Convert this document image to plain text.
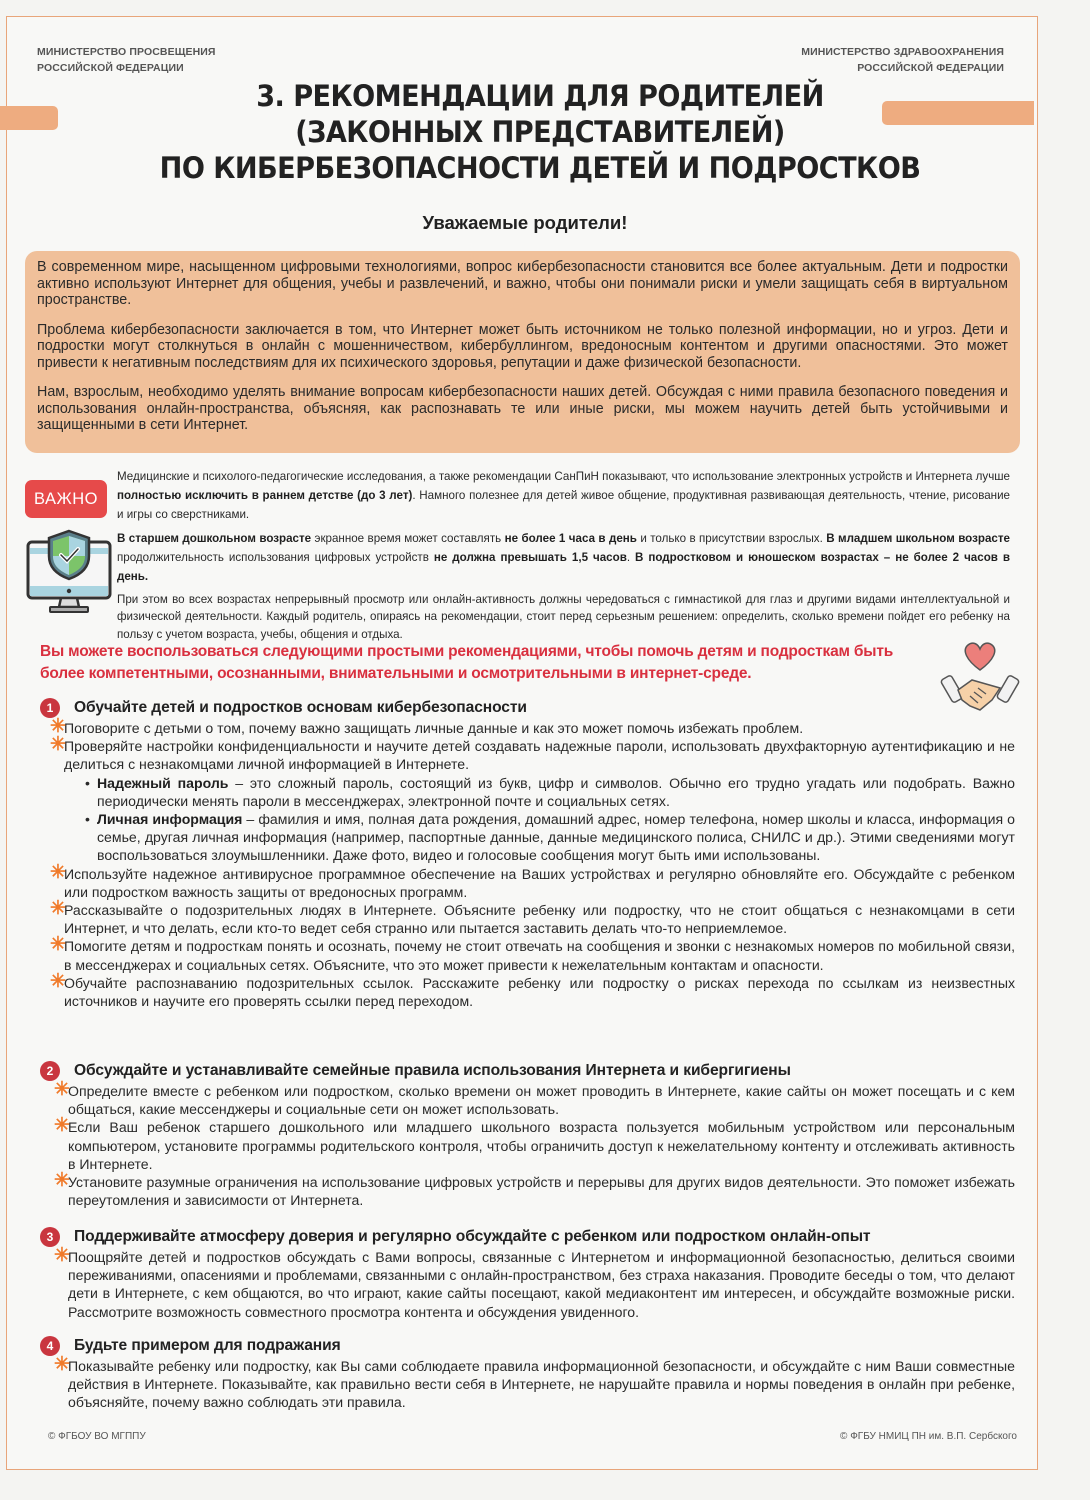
МИНИСТЕРСТВО ПРОСВЕЩЕНИЯ
РОССИЙСКОЙ ФЕДЕРАЦИИ
МИНИСТЕРСТВО ЗДРАВООХРАНЕНИЯ
РОССИЙСКОЙ ФЕДЕРАЦИИ
3. РЕКОМЕНДАЦИИ ДЛЯ РОДИТЕЛЕЙ
(ЗАКОННЫХ ПРЕДСТАВИТЕЛЕЙ)
ПО КИБЕРБЕЗОПАСНОСТИ ДЕТЕЙ И ПОДРОСТКОВ
Уважаемые родители!

В современном мире, насыщенном цифровыми технологиями, вопрос кибербезопасности становится все более актуальным. Дети и подростки активно используют Интернет для общения, учебы и развлечений, и важно, чтобы они понимали риски и умели защищать себя в виртуальном пространстве.

Проблема кибербезопасности заключается в том, что Интернет может быть источником не только полезной информации, но и угроз. Дети и подростки могут столкнуться в онлайн с мошенничеством, кибербуллингом, вредоносным контентом и другими опасностями. Это может привести к негативным последствиям для их психического здоровья, репутации и даже физической безопасности.

Нам, взрослым, необходимо уделять внимание вопросам кибербезопасности наших детей. Обсуждая с ними правила безопасного поведения и использования онлайн-пространства, объясняя, как распознавать те или иные риски, мы можем научить детей быть устойчивыми и защищенными в сети Интернет.

ВАЖНО

Медицинские и психолого-педагогические исследования, а также рекомендации СанПиН показывают, что использование электронных устройств и Интернета лучше полностью исключить в раннем детстве (до 3 лет). Намного полезнее для детей живое общение, продуктивная развивающая деятельность, чтение, рисование и игры со сверстниками.

В старшем дошкольном возрасте экранное время может составлять не более 1 часа в день и только в присутствии взрослых. В младшем школьном возрасте продолжительность использования цифровых устройств не должна превышать 1,5 часов. В подростковом и юношеском возрастах – не более 2 часов в день.

При этом во всех возрастах непрерывный просмотр или онлайн-активность должны чередоваться с гимнастикой для глаз и другими видами интеллектуальной и физической деятельности. Каждый родитель, опираясь на рекомендации, стоит перед серьезным решением: определить, сколько времени пойдет его ребенку на пользу с учетом возраста, учебы, общения и отдыха.

Вы можете воспользоваться следующими простыми рекомендациями, чтобы помочь детям и подросткам быть более компетентными, осознанными, внимательными и осмотрительными в интернет-среде.
1	Обучайте детей и подростков основам кибербезопасности
✳
Поговорите с детьми о том, почему важно защищать личные данные и как это может помочь избежать проблем.
✳
Проверяйте настройки конфиденциальности и научите детей создавать надежные пароли, использовать двухфакторную аутентификацию и не делиться с незнакомцами личной информацией в Интернете.
• Надежный пароль – это сложный пароль, состоящий из букв, цифр и символов. Обычно его трудно угадать или подобрать. Важно периодически менять пароли в мессенджерах, электронной почте и социальных сетях.
• Личная информация – фамилия и имя, полная дата рождения, домашний адрес, номер телефона, номер школы и класса, информация о семье, другая личная информация (например, паспортные данные, данные медицинского полиса, СНИЛС и др.). Этими сведениями могут воспользоваться злоумышленники. Даже фото, видео и голосовые сообщения могут быть ими использованы.
✳
Используйте надежное антивирусное программное обеспечение на Ваших устройствах и регулярно обновляйте его. Обсуждайте с ребенком или подростком важность защиты от вредоносных программ.
✳
Рассказывайте о подозрительных людях в Интернете. Объясните ребенку или подростку, что не стоит общаться с незнакомцами в сети Интернет, и что делать, если кто-то ведет себя странно или пытается заставить делать что-то неприемлемое.
✳
Помогите детям и подросткам понять и осознать, почему не стоит отвечать на сообщения и звонки с незнакомых номеров по мобильной связи, в мессенджерах и социальных сетях. Объясните, что это может привести к нежелательным контактам и опасности.
✳
Обучайте распознаванию подозрительных ссылок. Расскажите ребенку или подростку о рисках перехода по ссылкам из неизвестных источников и научите его проверять ссылки перед переходом.
2	Обсуждайте и устанавливайте семейные правила использования Интернета и кибергигиены
✳
Определите вместе с ребенком или подростком, сколько времени он может проводить в Интернете, какие сайты он может посещать и с кем общаться, какие мессенджеры и социальные сети он может использовать.
✳
Если Ваш ребенок старшего дошкольного или младшего школьного возраста пользуется мобильным устройством или персональным компьютером, установите программы родительского контроля, чтобы ограничить доступ к нежелательному контенту и отслеживать активность в Интернете.
✳
Установите разумные ограничения на использование цифровых устройств и перерывы для других видов деятельности. Это поможет избежать переутомления и зависимости от Интернета.
3	Поддерживайте атмосферу доверия и регулярно обсуждайте с ребенком или подростком онлайн-опыт
✳
Поощряйте детей и подростков обсуждать с Вами вопросы, связанные с Интернетом и информационной безопасностью, делиться своими переживаниями, опасениями и проблемами, связанными с онлайн-пространством, без страха наказания. Проводите беседы о том, что делают дети в Интернете, с кем общаются, во что играют, какие сайты посещают, какой медиаконтент им интересен, и обсуждайте возможные риски. Рассмотрите возможность совместного просмотра контента и обсуждения увиденного.
4	Будьте примером для подражания
✳
Показывайте ребенку или подростку, как Вы сами соблюдаете правила информационной безопасности, и обсуждайте с ним Ваши совместные действия в Интернете. Показывайте, как правильно вести себя в Интернете, не нарушайте правила и нормы поведения в онлайн при ребенке, объясняйте, почему важно соблюдать эти правила.
© ФГБОУ ВО МГППУ	© ФГБУ НМИЦ ПН им. В.П. Сербского
